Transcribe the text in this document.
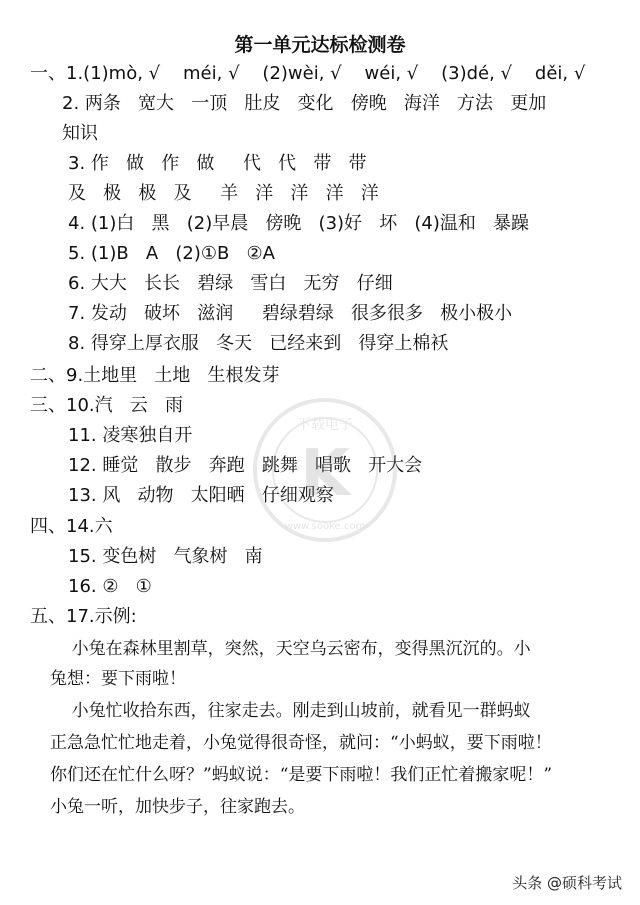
第一单元达标检测卷
一、1.(1)mò, √    méi, √    (2)wèi, √    wéi, √    (3)dé, √    děi, √
2. 两条   宽大   一顶   肚皮   变化   傍晚   海洋   方法   更加
知识
3. 作   做   作   做     代   代   带   带
及   极   极   及     羊   洋   洋   洋   洋
4. (1)白   黑   (2)早晨   傍晚   (3)好   坏   (4)温和   暴躁
5. (1)B   A   (2)①B   ②A
6. 大大   长长   碧绿   雪白   无穷   仔细
7. 发动   破坏   滋润     碧绿碧绿   很多很多   极小极小
8. 得穿上厚衣服   冬天   已经来到   得穿上棉袄
二、9.土地里   土地   生根发芽
三、10.汽   云   雨
11. 凌寒独自开
12. 睡觉   散步   奔跑   跳舞   唱歌   开大会
13. 风   动物   太阳晒   仔细观察
四、14.六
15. 变色树   气象树   南
16. ②   ①
五、17.示例:
小兔在森林里割草，突然，天空乌云密布，变得黑沉沉的。小
兔想：要下雨啦！
小兔忙收拾东西，往家走去。刚走到山坡前，就看见一群蚂蚁
正急急忙忙地走着，小兔觉得很奇怪，就问：“小蚂蚁，要下雨啦！
你们还在忙什么呀？”蚂蚁说：“是要下雨啦！我们正忙着搬家呢！”
小兔一听，加快步子，往家跑去。
下载电子
K
www.sooke.com
头条 @硕科考试
